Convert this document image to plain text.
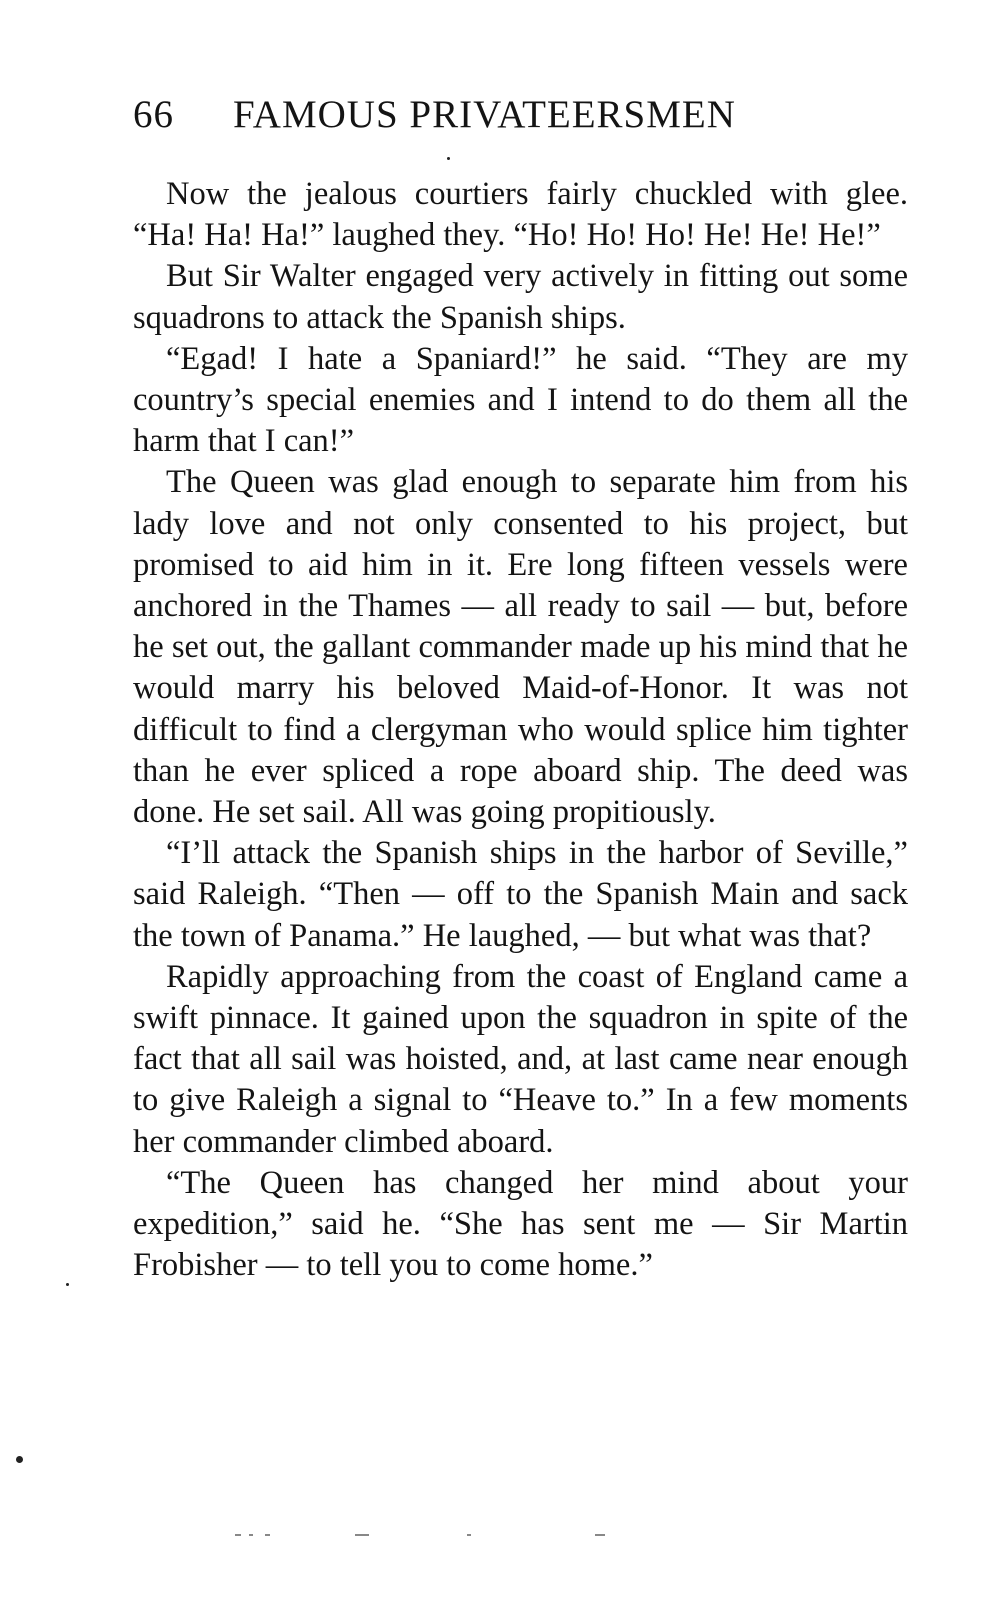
66 FAMOUS PRIVATEERSMEN

Now the jealous courtiers fairly chuckled with glee. “Ha! Ha! Ha!” laughed they. “Ho! Ho! Ho! He! He! He!”

But Sir Walter engaged very actively in fitting out some squadrons to attack the Spanish ships.

“Egad! I hate a Spaniard!” he said. “They are my country’s special enemies and I intend to do them all the harm that I can!”

The Queen was glad enough to separate him from his lady love and not only consented to his project, but promised to aid him in it. Ere long fifteen vessels were anchored in the Thames — all ready to sail — but, before he set out, the gallant commander made up his mind that he would marry his beloved Maid-of-Honor. It was not difficult to find a clergyman who would splice him tighter than he ever spliced a rope aboard ship. The deed was done. He set sail. All was going propitiously.

“I’ll attack the Spanish ships in the harbor of Seville,” said Raleigh. “Then — off to the Spanish Main and sack the town of Panama.” He laughed, — but what was that?

Rapidly approaching from the coast of England came a swift pinnace. It gained upon the squadron in spite of the fact that all sail was hoisted, and, at last came near enough to give Raleigh a signal to “Heave to.” In a few moments her commander climbed aboard.

“The Queen has changed her mind about your expedition,” said he. “She has sent me — Sir Martin Frobisher — to tell you to come home.”
